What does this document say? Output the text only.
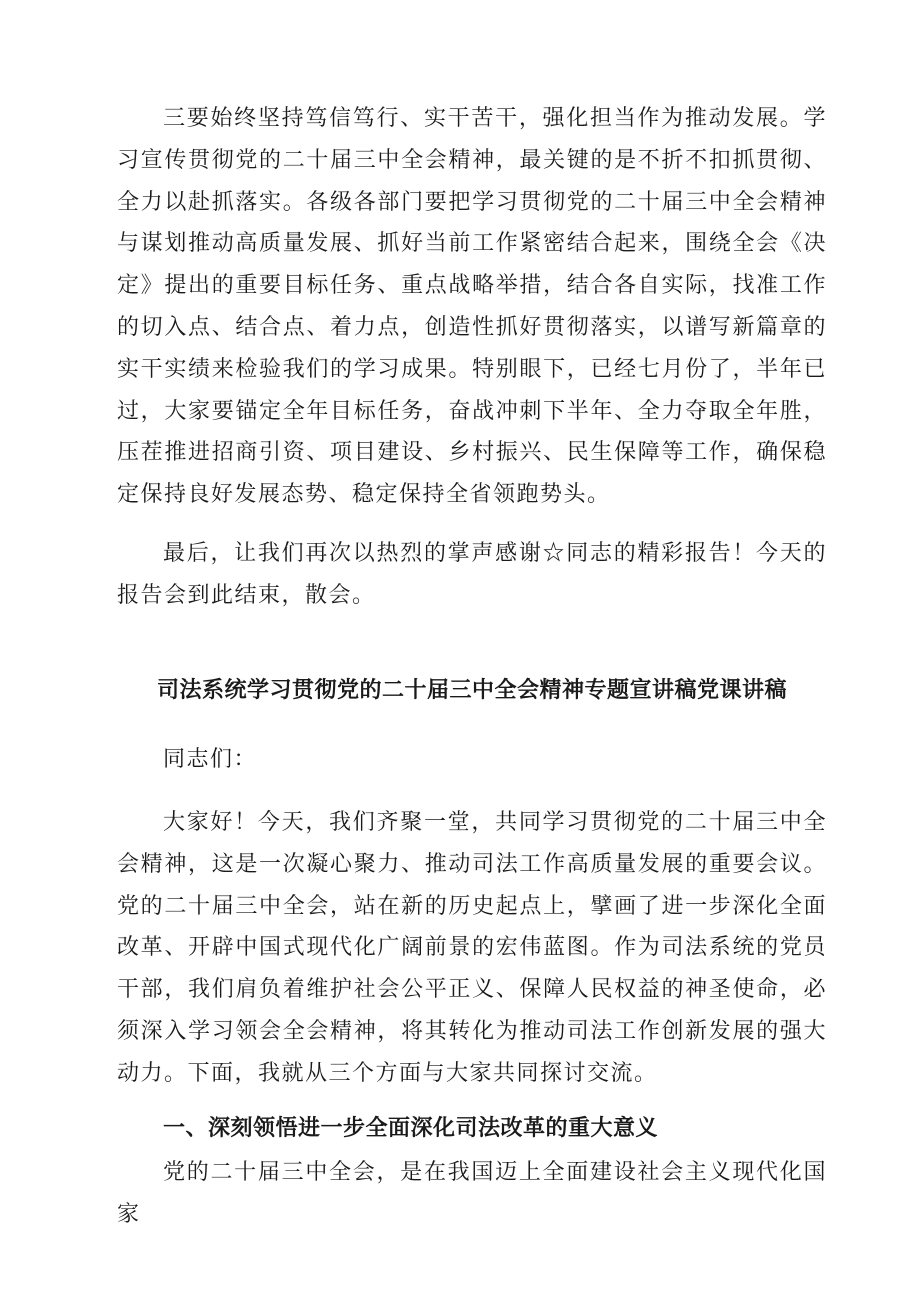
三要始终坚持笃信笃行、实干苦干，强化担当作为推动发展。学习宣传贯彻党的二十届三中全会精神，最关键的是不折不扣抓贯彻、全力以赴抓落实。各级各部门要把学习贯彻党的二十届三中全会精神与谋划推动高质量发展、抓好当前工作紧密结合起来，围绕全会《决定》提出的重要目标任务、重点战略举措，结合各自实际，找准工作的切入点、结合点、着力点，创造性抓好贯彻落实，以谱写新篇章的实干实绩来检验我们的学习成果。特别眼下，已经七月份了，半年已过，大家要锚定全年目标任务，奋战冲刺下半年、全力夺取全年胜，压茬推进招商引资、项目建设、乡村振兴、民生保障等工作，确保稳定保持良好发展态势、稳定保持全省领跑势头。

最后，让我们再次以热烈的掌声感谢☆同志的精彩报告！今天的报告会到此结束，散会。

司法系统学习贯彻党的二十届三中全会精神专题宣讲稿党课讲稿

同志们：

大家好！今天，我们齐聚一堂，共同学习贯彻党的二十届三中全会精神，这是一次凝心聚力、推动司法工作高质量发展的重要会议。党的二十届三中全会，站在新的历史起点上，擘画了进一步深化全面改革、开辟中国式现代化广阔前景的宏伟蓝图。作为司法系统的党员干部，我们肩负着维护社会公平正义、保障人民权益的神圣使命，必须深入学习领会全会精神，将其转化为推动司法工作创新发展的强大动力。下面，我就从三个方面与大家共同探讨交流。

一、深刻领悟进一步全面深化司法改革的重大意义

党的二十届三中全会，是在我国迈上全面建设社会主义现代化国家
